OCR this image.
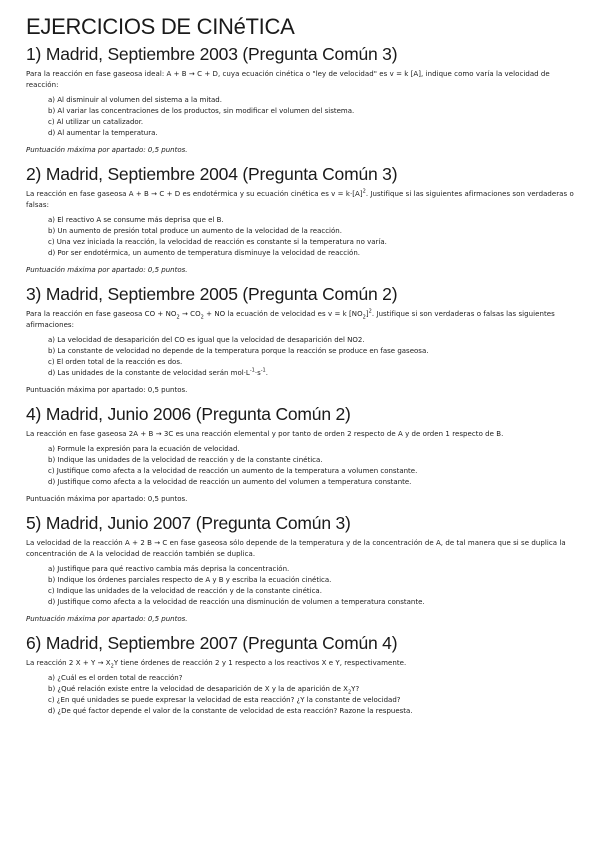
EJERCICIOS DE CINéTICA
1) Madrid, Septiembre 2003 (Pregunta Común 3)

Para la reacción en fase gaseosa ideal: A + B → C + D, cuya ecuación cinética o "ley de velocidad" es v = k [A], indique como varía la velocidad de reacción:

a) Al disminuir al volumen del sistema a la mitad.
b) Al variar las concentraciones de los productos, sin modificar el volumen del sistema.
c) Al utilizar un catalizador.
d) Al aumentar la temperatura.

Puntuación máxima por apartado: 0,5 puntos.

2) Madrid, Septiembre 2004 (Pregunta Común 3)

La reacción en fase gaseosa A + B → C + D es endotérmica y su ecuación cinética es $v = k\cdot[A]^2$. Justifique si las siguientes afirmaciones son verdaderas o falsas:

a) El reactivo A se consume más deprisa que el B.
b) Un aumento de presión total produce un aumento de la velocidad de la reacción.
c) Una vez iniciada la reacción, la velocidad de reacción es constante si la temperatura no varía.
d) Por ser endotérmica, un aumento de temperatura disminuye la velocidad de reacción.

Puntuación máxima por apartado: 0,5 puntos.

3) Madrid, Septiembre 2005 (Pregunta Común 2)

Para la reacción en fase gaseosa CO + $NO_2 \to CO_2$ + NO la ecuación de velocidad es v = k $[NO_2]^2$. Justifique si son verdaderas o falsas las siguientes afirmaciones:

a) La velocidad de desaparición del CO es igual que la velocidad de desaparición del NO2.
b) La constante de velocidad no depende de la temperatura porque la reacción se produce en fase gaseosa.
c) El orden total de la reacción es dos.
d) Las unidades de la constante de velocidad serán $mol\cdot L^{-1}\cdot s^{-1}$.

Puntuación máxima por apartado: 0,5 puntos.

4) Madrid, Junio 2006 (Pregunta Común 2)

La reacción en fase gaseosa 2A + B → 3C es una reacción elemental y por tanto de orden 2 respecto de A y de orden 1 respecto de B.

a) Formule la expresión para la ecuación de velocidad.
b) Indique las unidades de la velocidad de reacción y de la constante cinética.
c) Justifique como afecta a la velocidad de reacción un aumento de la temperatura a volumen constante.
d) Justifique como afecta a la velocidad de reacción un aumento del volumen a temperatura constante.

Puntuación máxima por apartado: 0,5 puntos.

5) Madrid, Junio 2007 (Pregunta Común 3)

La velocidad de la reacción A + 2 B → C en fase gaseosa sólo depende de la temperatura y de la concentración de A, de tal manera que si se duplica la concentración de A la velocidad de reacción también se duplica.

a) Justifique para qué reactivo cambia más deprisa la concentración.
b) Indique los órdenes parciales respecto de A y B y escriba la ecuación cinética.
c) Indique las unidades de la velocidad de reacción y de la constante cinética.
d) Justifique como afecta a la velocidad de reacción una disminución de volumen a temperatura constante.

Puntuación máxima por apartado: 0,5 puntos.

6) Madrid, Septiembre 2007 (Pregunta Común 4)

La reacción 2 $X + Y \to X_2Y$ tiene órdenes de reacción 2 y 1 respecto a los reactivos X e Y, respectivamente.

a) ¿Cuál es el orden total de reacción?
b) ¿Qué relación existe entre la velocidad de desaparición de X y la de aparición de $X_2Y$?
c) ¿En qué unidades se puede expresar la velocidad de esta reacción? ¿Y la constante de velocidad?
d) ¿De qué factor depende el valor de la constante de velocidad de esta reacción? Razone la respuesta.
